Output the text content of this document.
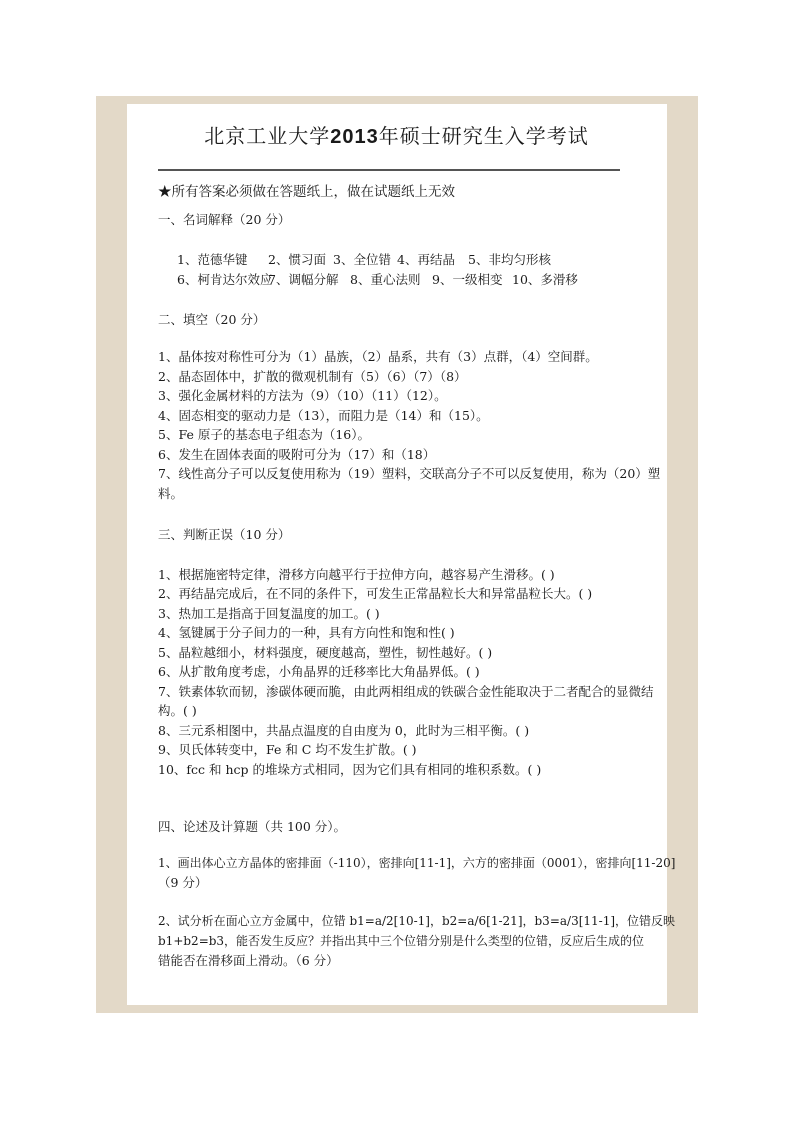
北京工业大学2013年硕士研究生入学考试
★所有答案必须做在答题纸上，做在试题纸上无效
一、名词解释（20 分）
1、范德华键 2、惯习面 3、全位错 4、再结晶 5、非均匀形核
6、柯肯达尔效应
7、调幅分解 8、重心法则 9、一级相变 10、多滑移
二、填空（20 分）
1、晶体按对称性可分为（1）晶族，（2）晶系，共有（3）点群，（4）空间群。
2、晶态固体中，扩散的微观机制有（5）（6）（7）（8）
3、强化金属材料的方法为（9）（10）（11）（12）。
4、固态相变的驱动力是（13），而阻力是（14）和（15）。
5、Fe 原子的基态电子组态为（16）。
6、发生在固体表面的吸附可分为（17）和（18）
7、线性高分子可以反复使用称为（19）塑料，交联高分子不可以反复使用，称为（20）塑
料。
三、判断正误（10 分）
1、根据施密特定律，滑移方向越平行于拉伸方向，越容易产生滑移。( )
2、再结晶完成后，在不同的条件下，可发生正常晶粒长大和异常晶粒长大。( )
3、热加工是指高于回复温度的加工。( )
4、氢键属于分子间力的一种，具有方向性和饱和性( )
5、晶粒越细小，材料强度，硬度越高，塑性，韧性越好。( )
6、从扩散角度考虑，小角晶界的迁移率比大角晶界低。( )
7、铁素体软而韧，渗碳体硬而脆，由此两相组成的铁碳合金性能取决于二者配合的显微结
构。( )
8、三元系相图中，共晶点温度的自由度为 0，此时为三相平衡。( )
9、贝氏体转变中，Fe 和 C 均不发生扩散。( )
10、fcc 和 hcp 的堆垛方式相同，因为它们具有相同的堆积系数。( )
四、论述及计算题（共 100 分）。
1、画出体心立方晶体的密排面（-110），密排向[11-1]，六方的密排面（0001），密排向[11-20]
（9 分）
2、试分析在面心立方金属中，位错 b1=a/2[10-1]，b2=a/6[1-21]，b3=a/3[11-1]，位错反映
b1+b2=b3，能否发生反应？并指出其中三个位错分别是什么类型的位错，反应后生成的位
错能否在滑移面上滑动。（6 分）
